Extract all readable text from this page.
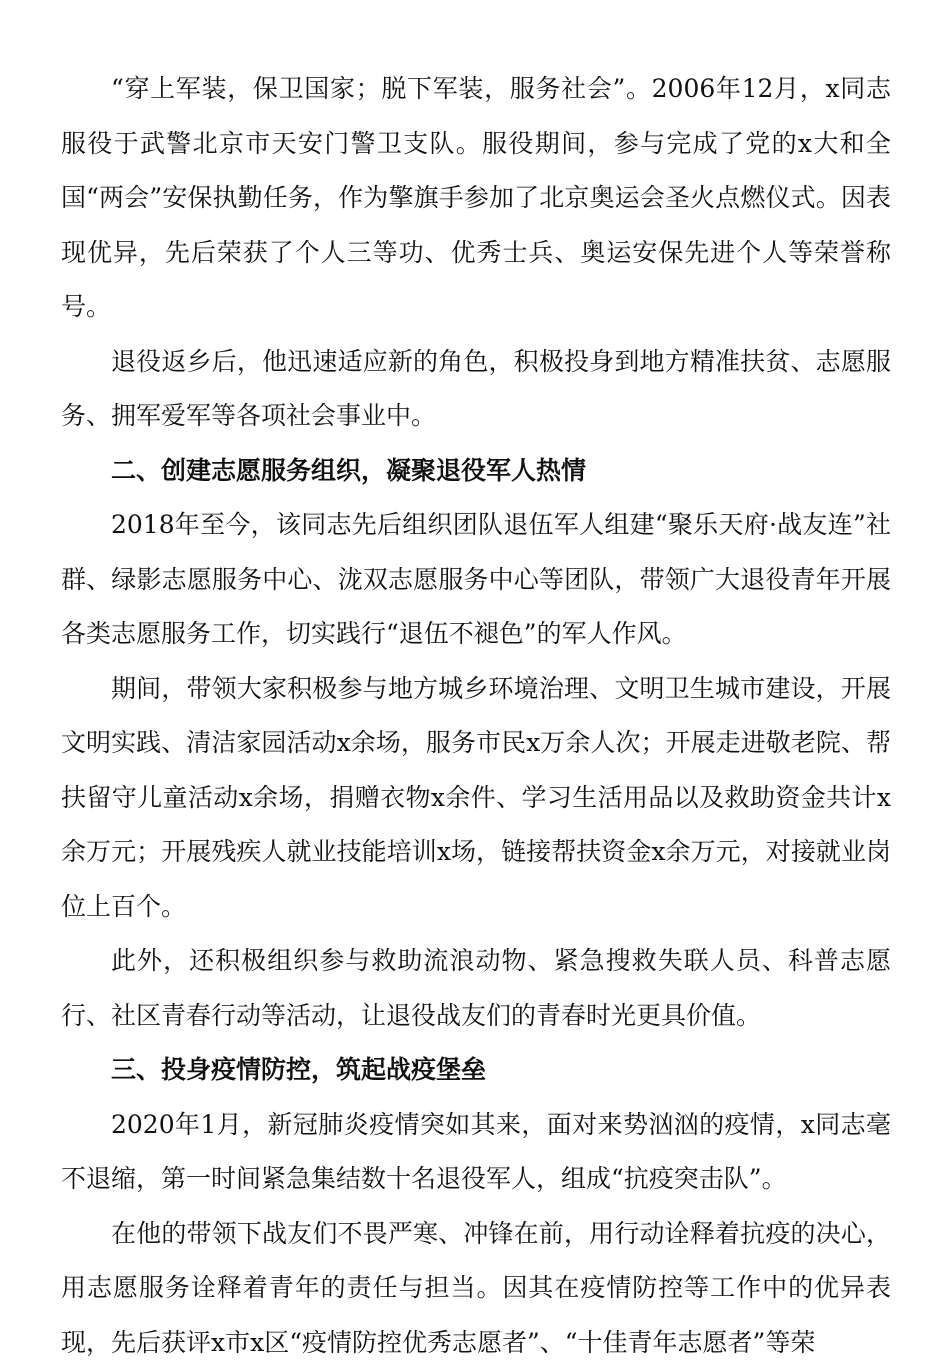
“穿上军装，保卫国家；脱下军装，服务社会”。2006年12月，x同志服役于武警北京市天安门警卫支队。服役期间，参与完成了党的x大和全国“两会”安保执勤任务，作为擎旗手参加了北京奥运会圣火点燃仪式。因表现优异，先后荣获了个人三等功、优秀士兵、奥运安保先进个人等荣誉称号。

退役返乡后，他迅速适应新的角色，积极投身到地方精准扶贫、志愿服务、拥军爱军等各项社会事业中。

二、创建志愿服务组织，凝聚退役军人热情

2018年至今，该同志先后组织团队退伍军人组建“聚乐天府·战友连”社群、绿影志愿服务中心、泷双志愿服务中心等团队，带领广大退役青年开展各类志愿服务工作，切实践行“退伍不褪色”的军人作风。

期间，带领大家积极参与地方城乡环境治理、文明卫生城市建设，开展文明实践、清洁家园活动x余场，服务市民x万余人次；开展走进敬老院、帮扶留守儿童活动x余场，捐赠衣物x余件、学习生活用品以及救助资金共计x余万元；开展残疾人就业技能培训x场，链接帮扶资金x余万元，对接就业岗位上百个。

此外，还积极组织参与救助流浪动物、紧急搜救失联人员、科普志愿行、社区青春行动等活动，让退役战友们的青春时光更具价值。

三、投身疫情防控，筑起战疫堡垒

2020年1月，新冠肺炎疫情突如其来，面对来势汹汹的疫情，x同志毫不退缩，第一时间紧急集结数十名退役军人，组成“抗疫突击队”。

在他的带领下战友们不畏严寒、冲锋在前，用行动诠释着抗疫的决心，用志愿服务诠释着青年的责任与担当。因其在疫情防控等工作中的优异表现，先后获评x市x区“疫情防控优秀志愿者”、“十佳青年志愿者”等荣
